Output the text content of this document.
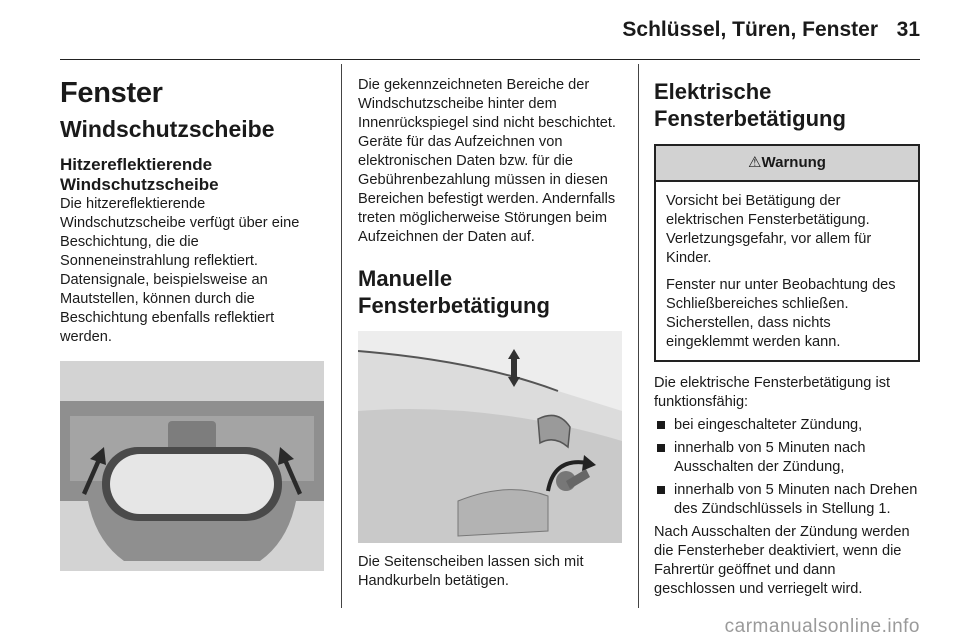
Schlüssel, Türen, Fenster 31
Fenster
Windschutzscheibe
Hitzereflektierende
Windschutzscheibe

Die hitzereflektierende Windschutzscheibe verfügt über eine Beschichtung, die die Sonneneinstrahlung reflektiert. Datensignale, beispielsweise an Mautstellen, können durch die Beschichtung ebenfalls reflektiert werden.

Die gekennzeichneten Bereiche der Windschutzscheibe hinter dem Innenrückspiegel sind nicht beschichtet. Geräte für das Aufzeichnen von elektronischen Daten bzw. für die Gebührenbezahlung müssen in diesen Bereichen befestigt werden. Andernfalls treten möglicherweise Störungen beim Aufzeichnen der Daten auf.

Manuelle
Fensterbetätigung

Die Seitenscheiben lassen sich mit Handkurbeln betätigen.

Elektrische
Fensterbetätigung
⚠Warnung

Vorsicht bei Betätigung der elektrischen Fensterbetätigung. Verletzungsgefahr, vor allem für Kinder.

Fenster nur unter Beobachtung des Schließbereiches schließen. Sicherstellen, dass nichts eingeklemmt werden kann.

Die elektrische Fensterbetätigung ist funktionsfähig:

bei eingeschalteter Zündung,
innerhalb von 5 Minuten nach Ausschalten der Zündung,
innerhalb von 5 Minuten nach Drehen des Zündschlüssels in Stellung 1.

Nach Ausschalten der Zündung werden die Fensterheber deaktiviert, wenn die Fahrertür geöffnet und dann geschlossen und verriegelt wird.

carmanualsonline.info
